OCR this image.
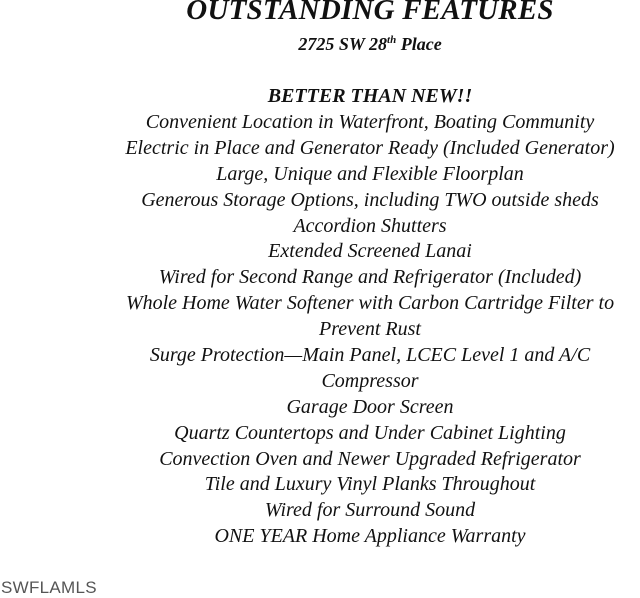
OUTSTANDING FEATURES
2725 SW 28th Place
BETTER THAN NEW!!
Convenient Location in Waterfront, Boating Community
Electric in Place and Generator Ready (Included Generator)
Large, Unique and Flexible Floorplan
Generous Storage Options, including TWO outside sheds
Accordion Shutters
Extended Screened Lanai
Wired for Second Range and Refrigerator (Included)
Whole Home Water Softener with Carbon Cartridge Filter to
Prevent Rust
Surge Protection—Main Panel, LCEC Level 1 and A/C
Compressor
Garage Door Screen
Quartz Countertops and Under Cabinet Lighting
Convection Oven and Newer Upgraded Refrigerator
Tile and Luxury Vinyl Planks Throughout
Wired for Surround Sound
ONE YEAR Home Appliance Warranty
SWFLAMLS
